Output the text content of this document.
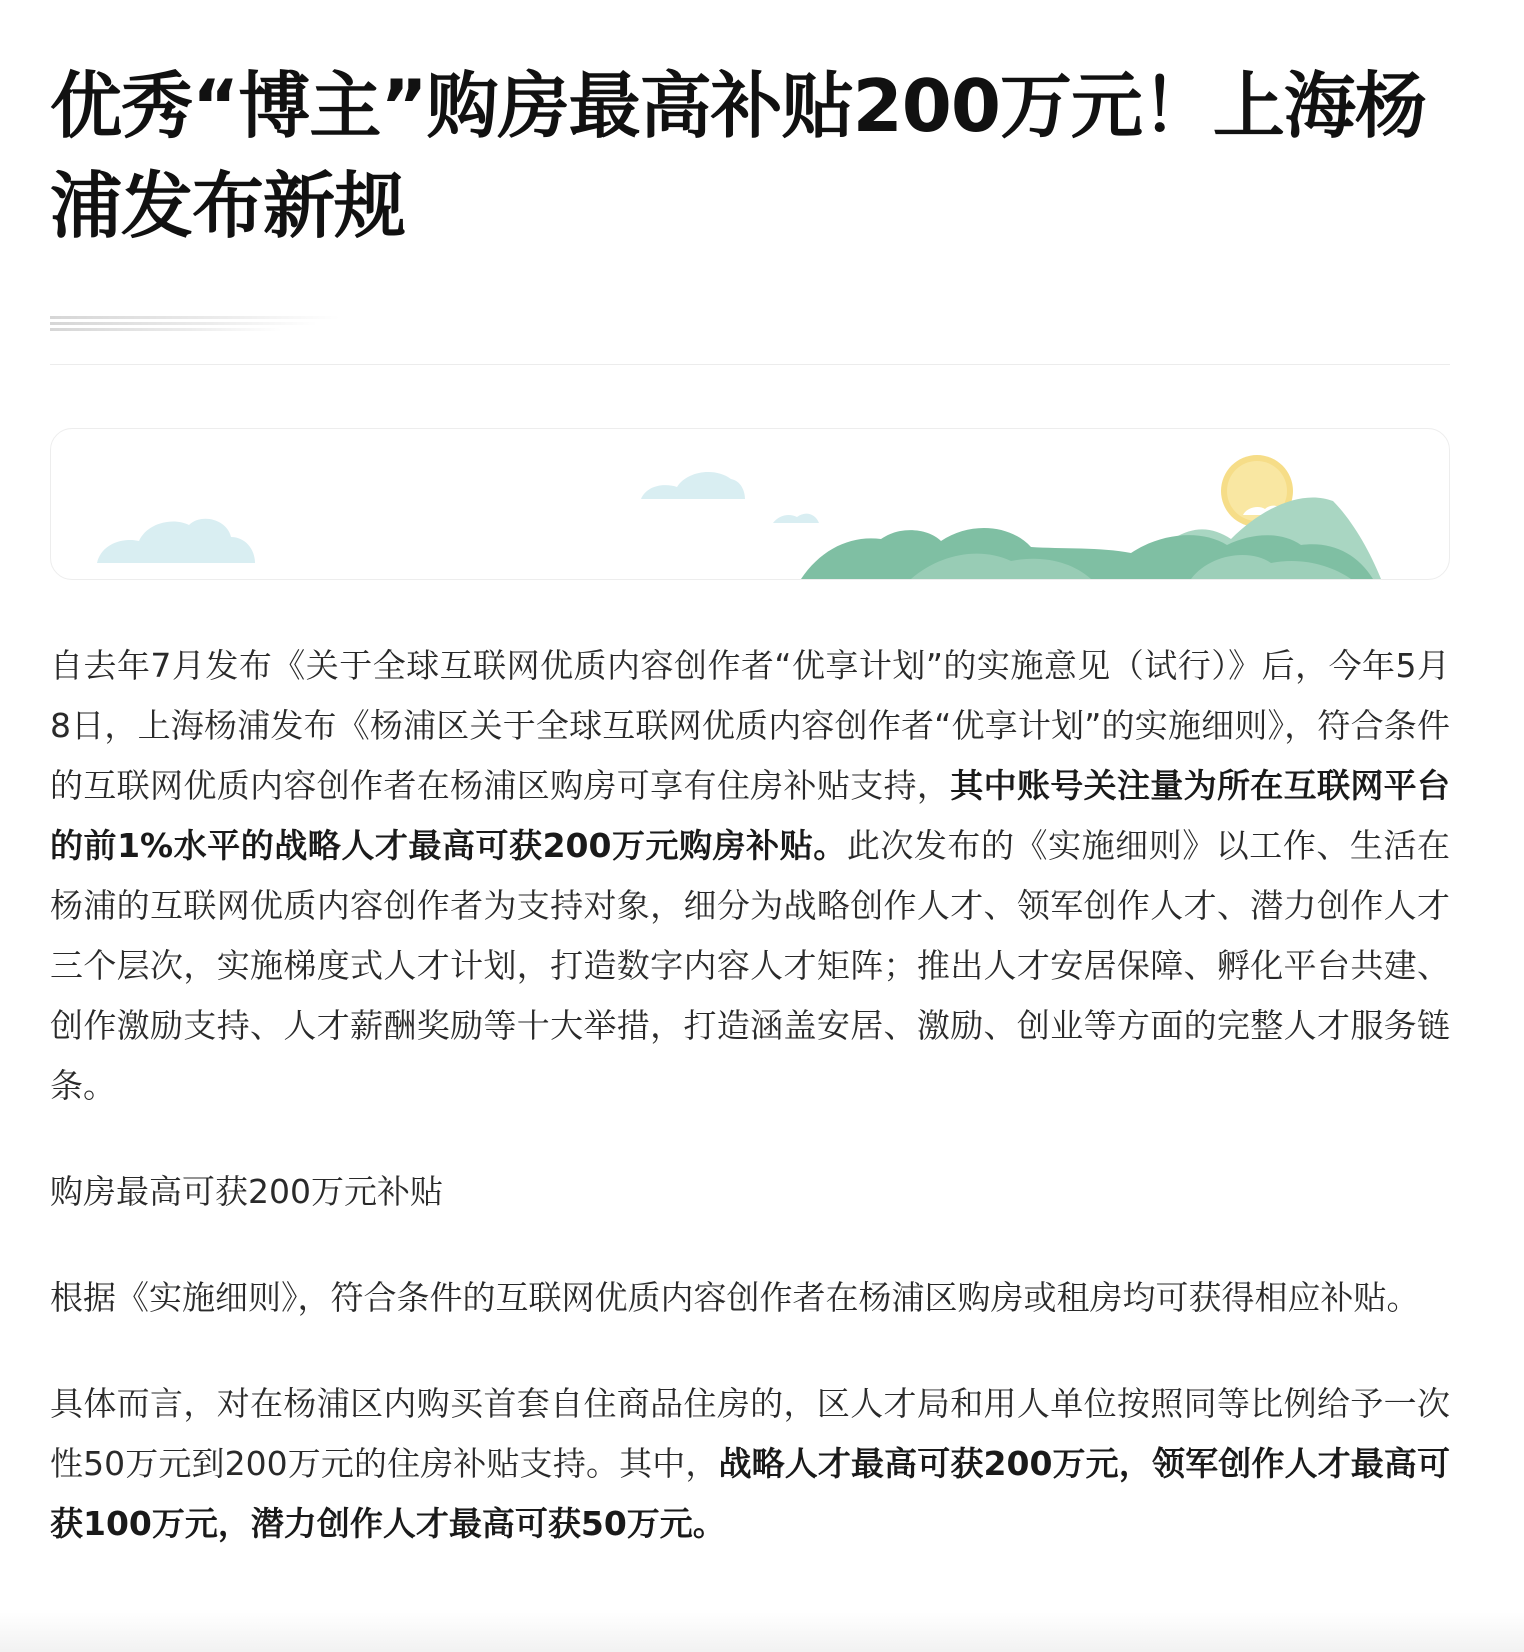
优秀“博主”购房最高补贴200万元！上海杨浦发布新规

自去年7月发布《关于全球互联网优质内容创作者“优享计划”的实施意见（试行）》后，今年5月8日，上海杨浦发布《杨浦区关于全球互联网优质内容创作者“优享计划”的实施细则》，符合条件的互联网优质内容创作者在杨浦区购房可享有住房补贴支持，其中账号关注量为所在互联网平台的前1%水平的战略人才最高可获200万元购房补贴。此次发布的《实施细则》以工作、生活在杨浦的互联网优质内容创作者为支持对象，细分为战略创作人才、领军创作人才、潜力创作人才三个层次，实施梯度式人才计划，打造数字内容人才矩阵；推出人才安居保障、孵化平台共建、创作激励支持、人才薪酬奖励等十大举措，打造涵盖安居、激励、创业等方面的完整人才服务链条。

购房最高可获200万元补贴

根据《实施细则》，符合条件的互联网优质内容创作者在杨浦区购房或租房均可获得相应补贴。

具体而言，对在杨浦区内购买首套自住商品住房的，区人才局和用人单位按照同等比例给予一次性50万元到200万元的住房补贴支持。其中，战略人才最高可获200万元，领军创作人才最高可获100万元，潜力创作人才最高可获50万元。
